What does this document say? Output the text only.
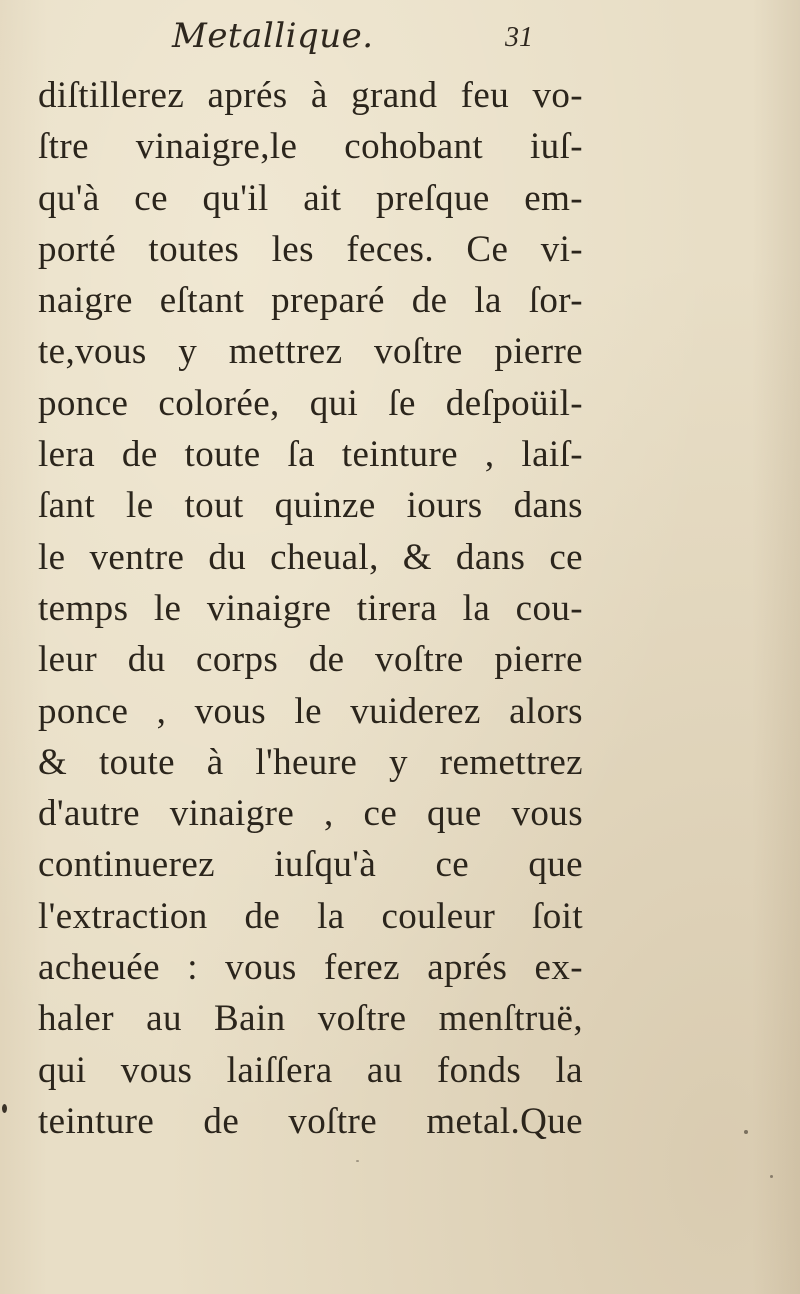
Metallique.	31
diſtillerez aprés à grand feu vo-
ſtre vinaigre,le cohobant iuſ-
qu'à ce qu'il ait preſque em-
porté toutes les feces. Ce vi-
naigre eſtant preparé de la ſor-
te,vous y mettrez voſtre pierre
ponce colorée, qui ſe deſpoüil-
lera de toute ſa teinture , laiſ-
ſant le tout quinze iours dans
le ventre du cheual, & dans ce
temps le vinaigre tirera la cou-
leur du corps de voſtre pierre
ponce , vous le vuiderez alors
& toute à l'heure y remettrez
d'autre vinaigre , ce que vous
continuerez iuſqu'à ce que
l'extraction de la couleur ſoit
acheuée : vous ferez aprés ex-
haler au Bain voſtre menſtruë,
qui vous laiſſera au fonds la
teinture de voſtre metal.Que
